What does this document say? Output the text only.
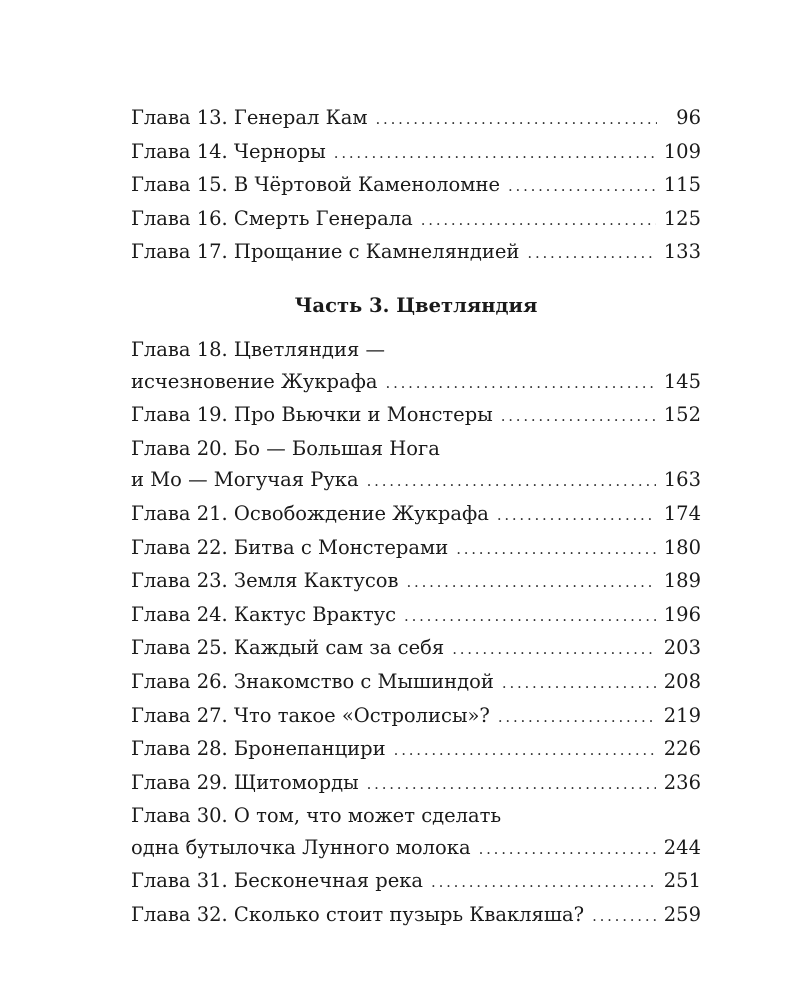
Глава 13. Генерал Кам . . .	96
Глава 14. Черноры . . .	109
Глава 15. В Чёртовой Каменоломне . . .	115
Глава 16. Смерть Генерала . . .	125
Глава 17. Прощание с Камнеляндией . . .	133
Часть 3. Цветляндия
Глава 18. Цветляндия —
исчезновение Жукрафа . . .	145
Глава 19. Про Вьючки и Монстеры . . .	152
Глава 20. Бо — Большая Нога
и Мо — Могучая Рука . . .	163
Глава 21. Освобождение Жукрафа . . .	174
Глава 22. Битва с Монстерами . . .	180
Глава 23. Земля Кактусов . . .	189
Глава 24. Кактус Врактус . . .	196
Глава 25. Каждый сам за себя . . .	203
Глава 26. Знакомство с Мышиндой . . .	208
Глава 27. Что такое «Остролисы»? . . .	219
Глава 28. Бронепанцири . . .	226
Глава 29. Щитоморды . . .	236
Глава 30. О том, что может сделать
одна бутылочка Лунного молока . . .	244
Глава 31. Бесконечная река . . .	251
Глава 32. Сколько стоит пузырь Квакляша? . . .	259
